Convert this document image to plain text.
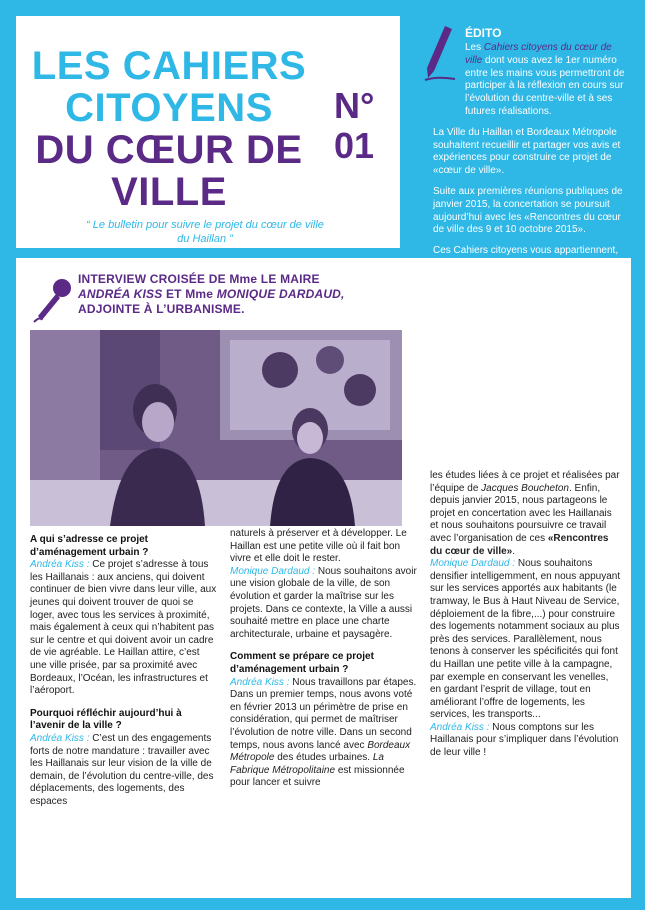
LES CAHIERS
CITOYENS
DU CŒUR DE
VILLE
N° 01
“ Le bulletin pour suivre le projet du cœur de ville du Haillan ”
ÉDITO

Les Cahiers citoyens du cœur de ville dont vous avez le 1er numéro entre les mains vous permettront de participer à la réflexion en cours sur l’évolution du centre-ville et à ses futures réalisations.

La Ville du Haillan et Bordeaux Métropole souhaitent recueillir et partager vos avis et expériences pour construire ce projet de «cœur de ville».

Suite aux premières réunions publiques de janvier 2015, la concertation se poursuit aujourd’hui avec les «Rencontres du cœur de ville des 9 et 10 octobre 2015».

Ces Cahiers citoyens vous appartiennent,

INTERVIEW CROISÉE DE Mme LE MAIRE
ANDRÉA KISS ET Mme MONIQUE DARDAUD,
ADJOINTE À L’URBANISME.

A qui s’adresse ce projet d’aménagement urbain ?

Andréa Kiss : Ce projet s’adresse à tous les Haillanais : aux anciens, qui doivent continuer de bien vivre dans leur ville, aux jeunes qui doivent trouver de quoi se loger, avec tous les services à proximité, mais également à ceux qui n’habitent pas sur le centre et qui doivent avoir un cadre de vie agréable. Le Haillan attire, c’est une ville prisée, par sa proximité avec Bordeaux, l’Océan, les infrastructures et l’aéroport.

Pourquoi réfléchir aujourd’hui à l’avenir de la ville ?

Andréa Kiss : C’est un des engagements forts de notre mandature : travailler avec les Haillanais sur leur vision de la ville de demain, de l’évolution du centre-ville, des déplacements, des logements, des espaces

naturels à préserver et à développer. Le Haillan est une petite ville où il fait bon vivre et elle doit le rester.

Monique Dardaud : Nous souhaitons avoir une vision globale de la ville, de son évolution et garder la maîtrise sur les projets. Dans ce contexte, la Ville a aussi souhaité mettre en place une charte architecturale, urbaine et paysagère.

Comment se prépare ce projet d’aménagement urbain ?

Andréa Kiss : Nous travaillons par étapes. Dans un premier temps, nous avons voté en février 2013 un périmètre de prise en considération, qui permet de maîtriser l’évolution de notre ville. Dans un second temps, nous avons lancé avec Bordeaux Métropole des études urbaines. La Fabrique Métropolitaine est missionnée pour lancer et suivre

les études liées à ce projet et réalisées par l’équipe de Jacques Boucheton. Enfin, depuis janvier 2015, nous partageons le projet en concertation avec les Haillanais et nous souhaitons poursuivre ce travail avec l’organisation de ces «Rencontres du cœur de ville».

Monique Dardaud : Nous souhaitons densifier intelligemment, en nous appuyant sur les services apportés aux habitants (le tramway, le Bus à Haut Niveau de Service, déploiement de la fibre,...) pour construire des logements notamment sociaux au plus près des services. Parallèlement, nous tenons à conserver les spécificités qui font du Haillan une petite ville à la campagne, par exemple en conservant les venelles, en gardant l’esprit de village, tout en améliorant l’offre de logements, les services, les transports...

Andréa Kiss : Nous comptons sur les Haillanais pour s’impliquer dans l’évolution de leur ville !
